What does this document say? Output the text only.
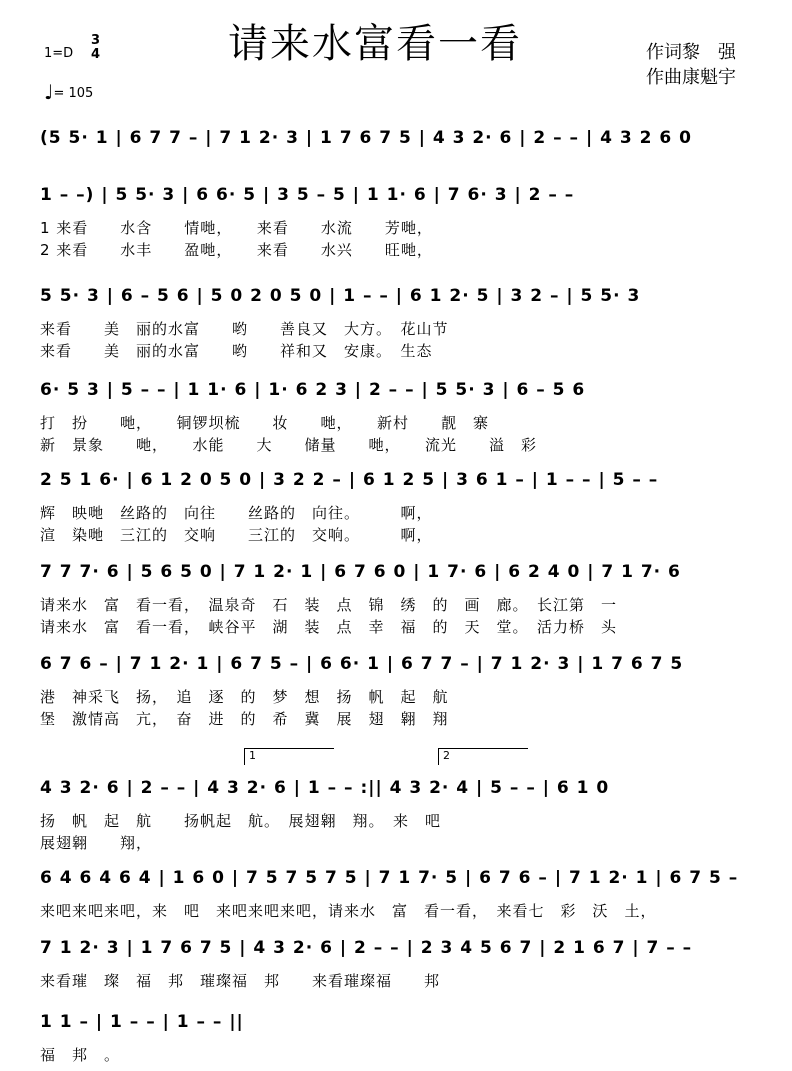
请来水富看一看	作词黎　强
作曲康魁宇
1=D
3
4
♩= 105
(5 5· 1 | 6 7 7 – | 7 1 2· 3 | 1 7 6 7 5 | 4 3 2· 6 | 2 – – | 4 3 2 6 0
1 – –) | 5 5· 3 | 6 6· 5 | 3 5 – 5 | 1 1· 6 | 7 6· 3 | 2 – –
1 来看　　水含　　情哋，　　来看　　水流　　芳哋，
2 来看　　水丰　　盈哋，　　来看　　水兴　　旺哋，
5 5· 3 | 6 – 5 6 | 5 0 2 0 5 0 | 1 – – | 6 1 2· 5 | 3 2 – | 5 5· 3
来看　　美　丽的水富　　哟　　善良又　大方。　花山节
来看　　美　丽的水富　　哟　　祥和又　安康。　生态
6· 5 3 | 5 – – | 1 1· 6 | 1· 6 2 3 | 2 – – | 5 5· 3 | 6 – 5 6
打　扮　　哋，　　铜锣坝梳　　妆　　哋，　　新村　　靓　寨
新　景象　　哋，　　水能　　大　　储量　　哋，　　流光　　溢　彩
2 5 1 6· | 6 1 2 0 5 0 | 3 2 2 – | 6 1 2 5 | 3 6 1 – | 1 – – | 5 – –
辉　映哋　丝路的　向往　　丝路的　向往。　　　啊，
渲　染哋　三江的　交响　　三江的　交响。　　　啊，
7 7 7· 6 | 5 6 5 0 | 7 1 2· 1 | 6 7 6 0 | 1 7· 6 | 6 2 4 0 | 7 1 7· 6
请来水　富　看一看，　温泉奇　石　装　点　锦　绣　的　画　廊。　长江第　一
请来水　富　看一看，　峡谷平　湖　装　点　幸　福　的　天　堂。　活力桥　头
6 7 6 – | 7 1 2· 1 | 6 7 5 – | 6 6· 1 | 6 7 7 – | 7 1 2· 3 | 1 7 6 7 5
港　神采飞　扬，　追　逐　的　梦　想　扬　帆　起　航
堡　激情高　亢，　奋　进　的　希　冀　展　翅　翱　翔
4 3 2· 6 | 2 – – | 4 3 2· 6 | 1 – – :|| 4 3 2· 4 | 5 – – | 6 1 0
1	2
扬　帆　起　航　　扬帆起　航。　展翅翱　翔。　来　吧
展翅翱　　翔，
6 4 6 4 6 4 | 1 6 0 | 7 5 7 5 7 5 | 7 1 7· 5 | 6 7 6 – | 7 1 2· 1 | 6 7 5 –
来吧来吧来吧，来　吧　来吧来吧来吧，请来水　富　看一看，　来看七　彩　沃　土，
7 1 2· 3 | 1 7 6 7 5 | 4 3 2· 6 | 2 – – | 2 3 4 5 6 7 | 2 1 6 7 | 7 – –
来看璀　璨　福　邦　璀璨福　邦　　来看璀璨福　　邦
1 1 – | 1 – – | 1 – – ||
福　邦　。
